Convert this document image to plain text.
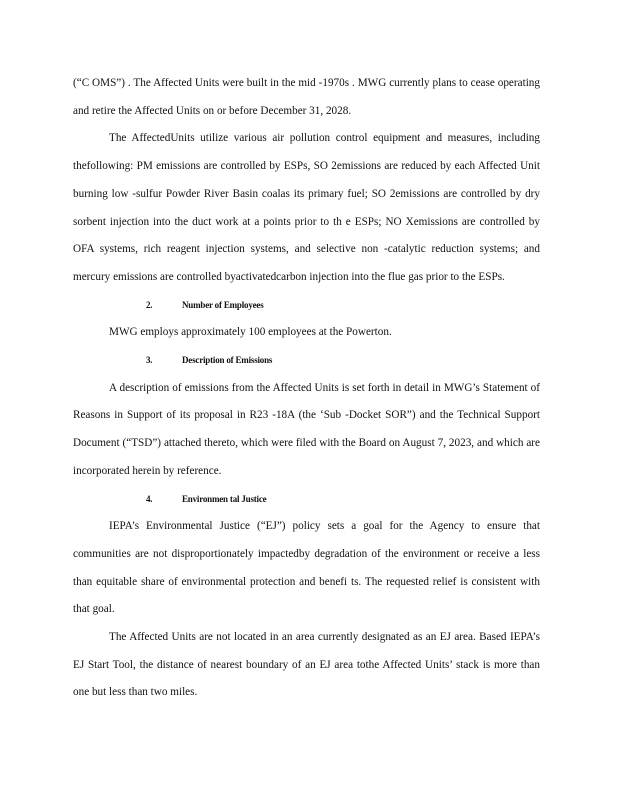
(“C OMS”) . The Affected Units were built in the mid -1970s . MWG currently plans to cease operating and retire the Affected Units on or before December 31, 2028.

The AffectedUnits utilize various air pollution control equipment and measures, including thefollowing: PM emissions are controlled by ESPs, SO 2emissions are reduced by each Affected Unit burning low -sulfur Powder River Basin coalas its primary fuel; SO 2emissions are controlled by dry sorbent injection into the duct work at a points prior to th e ESPs; NO Xemissions are controlled by OFA systems, rich reagent injection systems, and selective non -catalytic reduction systems; and mercury emissions are controlled byactivatedcarbon injection into the flue gas prior to the ESPs.

2.	Number of Employees

MWG employs approximately 100 employees at the Powerton.

3.	Description of Emissions

A description of emissions from the Affected Units is set forth in detail in MWG’s Statement of Reasons in Support of its proposal in R23 -18A (the ‘Sub -Docket SOR”) and the Technical Support Document (“TSD”) attached thereto, which were filed with the Board on August 7, 2023, and which are incorporated herein by reference.

4.	Environmen tal Justice

IEPA’s Environmental Justice (“EJ”) policy sets a goal for the Agency to ensure that communities are not disproportionately impactedby degradation of the environment or receive a less than equitable share of environmental protection and benefi ts. The requested relief is consistent with that goal.

The Affected Units are not located in an area currently designated as an EJ area. Based IEPA’s EJ Start Tool, the distance of nearest boundary of an EJ area tothe Affected Units’ stack is more than one but less than two miles.
